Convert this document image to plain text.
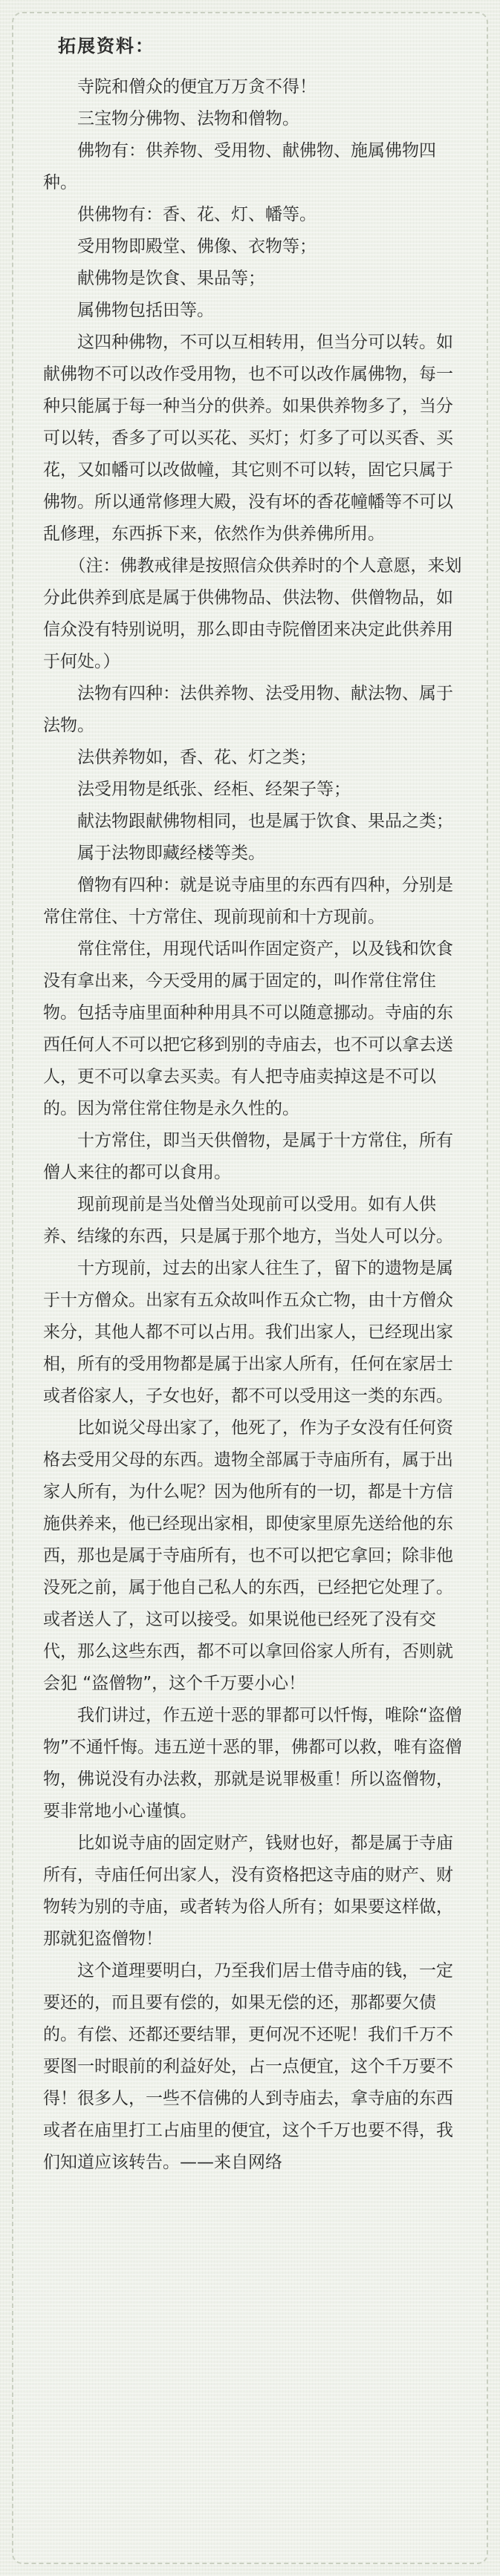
拓展资料：

　　寺院和僧众的便宜万万贪不得！

　　三宝物分佛物、法物和僧物。

　　佛物有：供养物、受用物、献佛物、施属佛物四种。

　　供佛物有：香、花、灯、幡等。

　　受用物即殿堂、佛像、衣物等；

　　献佛物是饮食、果品等；

　　属佛物包括田等。

　　这四种佛物，不可以互相转用，但当分可以转。如献佛物不可以改作受用物，也不可以改作属佛物，每一种只能属于每一种当分的供养。如果供养物多了，当分可以转，香多了可以买花、买灯；灯多了可以买香、买花，又如幡可以改做幢，其它则不可以转，固它只属于佛物。所以通常修理大殿，没有坏的香花幢幡等不可以乱修理，东西拆下来，依然作为供养佛所用。

　　（注：佛教戒律是按照信众供养时的个人意愿，来划分此供养到底是属于供佛物品、供法物、供僧物品，如信众没有特别说明，那么即由寺院僧团来决定此供养用于何处。）

　　法物有四种：法供养物、法受用物、献法物、属于法物。

　　法供养物如，香、花、灯之类；

　　法受用物是纸张、经柜、经架子等；

　　献法物跟献佛物相同，也是属于饮食、果品之类；

　　属于法物即藏经楼等类。

　　僧物有四种：就是说寺庙里的东西有四种，分别是常住常住、十方常住、现前现前和十方现前。

　　常住常住，用现代话叫作固定资产，以及钱和饮食没有拿出来，今天受用的属于固定的，叫作常住常住物。包括寺庙里面种种用具不可以随意挪动。寺庙的东西任何人不可以把它移到别的寺庙去，也不可以拿去送人，更不可以拿去买卖。有人把寺庙卖掉这是不可以的。因为常住常住物是永久性的。

　　十方常住，即当天供僧物，是属于十方常住，所有僧人来往的都可以食用。

　　现前现前是当处僧当处现前可以受用。如有人供养、结缘的东西，只是属于那个地方，当处人可以分。

　　十方现前，过去的出家人往生了，留下的遗物是属于十方僧众。出家有五众故叫作五众亡物，由十方僧众来分，其他人都不可以占用。我们出家人，已经现出家相，所有的受用物都是属于出家人所有，任何在家居士或者俗家人，子女也好，都不可以受用这一类的东西。

　　比如说父母出家了，他死了，作为子女没有任何资格去受用父母的东西。遗物全部属于寺庙所有，属于出家人所有，为什么呢？因为他所有的一切，都是十方信施供养来，他已经现出家相，即使家里原先送给他的东西，那也是属于寺庙所有，也不可以把它拿回；除非他没死之前，属于他自己私人的东西，已经把它处理了。或者送人了，这可以接受。如果说他已经死了没有交代，那么这些东西，都不可以拿回俗家人所有，否则就会犯 “盗僧物”，这个千万要小心！

　　我们讲过，作五逆十恶的罪都可以忏悔，唯除“盗僧物”不通忏悔。违五逆十恶的罪，佛都可以救，唯有盗僧物，佛说没有办法救，那就是说罪极重！所以盗僧物，要非常地小心谨慎。

　　比如说寺庙的固定财产，钱财也好，都是属于寺庙所有，寺庙任何出家人，没有资格把这寺庙的财产、财物转为别的寺庙，或者转为俗人所有；如果要这样做，那就犯盗僧物！

　　这个道理要明白，乃至我们居士借寺庙的钱，一定要还的，而且要有偿的，如果无偿的还，那都要欠债的。有偿、还都还要结罪，更何况不还呢！我们千万不要图一时眼前的利益好处，占一点便宜，这个千万要不得！很多人，一些不信佛的人到寺庙去，拿寺庙的东西或者在庙里打工占庙里的便宜，这个千万也要不得，我们知道应该转告。——来自网络
